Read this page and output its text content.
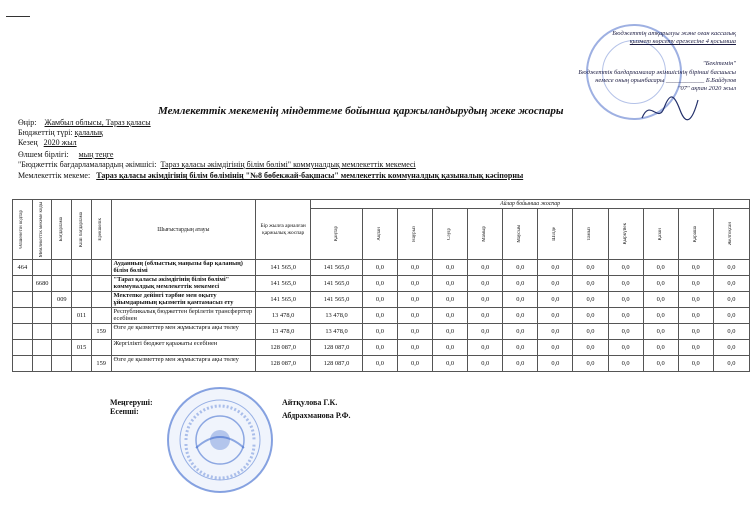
Бюджеттің атқарылуы және оған кассалық
қызмет көрсету ережесіне 4 қосымша
"Бекітемін"
Бюджеттік бағдарламалар әкімшісінің бірінші басшысы
немесе оның орынбасары ____________ Б.Байдулов
"07" ақпан 2020 жыл
Мемлекеттік мекеменің міндеттеме бойынша қаржыландырудың жеке жоспары
Өңір: Жамбыл облысы, Тараз қаласы
Бюджеттің түрі: қалалық
Кезең 2020 жыл
Өлшем бірлігі: мың теңге
"Бюджеттік бағдарламалардың әкімшісі: Тараз қаласы әкімдігінің білім бөлімі" коммуналдық мемлекеттік мекемесі
Мемлекеттік мекеме: Тараз қаласы әкімдігінің білім бөлімінің "№8 бөбекжай-бақшасы" мемлекеттік коммуналдық қазыналық кәсіпорны
Өлшенетін кодтар	Мемлекеттік мекеме коды	Бағдарлама	Кіші бағдарлама	Ерекшелік	Шығыстардың атауы	Бір жылға арналған қаржылық жоспар	Айлар бойынша жоспар											

							Қаңтар	Ақпан	Наурыз	Сәуір	Мамыр	Маусым	Шілде	Тамыз	Қыркүйек	Қазан	Қараша	Желтоқсан

464					Ауданның (облыстық маңызы бар қаланың) білім бөлімі	141 565,0	141 565,0	0,0	0,0	0,0	0,0	0,0	0,0	0,0	0,0	0,0	0,0	0,0
	6680				"Тараз қаласы әкімдігінің білім бөлімі" коммуналдық мемлекеттік мекемесі	141 565,0	141 565,0	0,0	0,0	0,0	0,0	0,0	0,0	0,0	0,0	0,0	0,0	0,0
		009			Мектепке дейінгі тәрбие мен оқыту ұйымдарының қызметін қамтамасыз ету	141 565,0	141 565,0	0,0	0,0	0,0	0,0	0,0	0,0	0,0	0,0	0,0	0,0	0,0
			011		Республикалық бюджеттен берілетін трансферттер есебінен	13 478,0	13 478,0	0,0	0,0	0,0	0,0	0,0	0,0	0,0	0,0	0,0	0,0	0,0
				159	Өзге де қызметтер мен жұмыстарға ақы төлеу	13 478,0	13 478,0	0,0	0,0	0,0	0,0	0,0	0,0	0,0	0,0	0,0	0,0	0,0
			015		Жергілікті бюджет қаражаты есебінен	128 087,0	128 087,0	0,0	0,0	0,0	0,0	0,0	0,0	0,0	0,0	0,0	0,0	0,0
				159	Өзге де қызметтер мен жұмыстарға ақы төлеу	128 087,0	128 087,0	0,0	0,0	0,0	0,0	0,0	0,0	0,0	0,0	0,0	0,0	0,0
Меңгеруші:	Айтқулова Г.К.
Есепші:	Абдрахманова Р.Ф.
